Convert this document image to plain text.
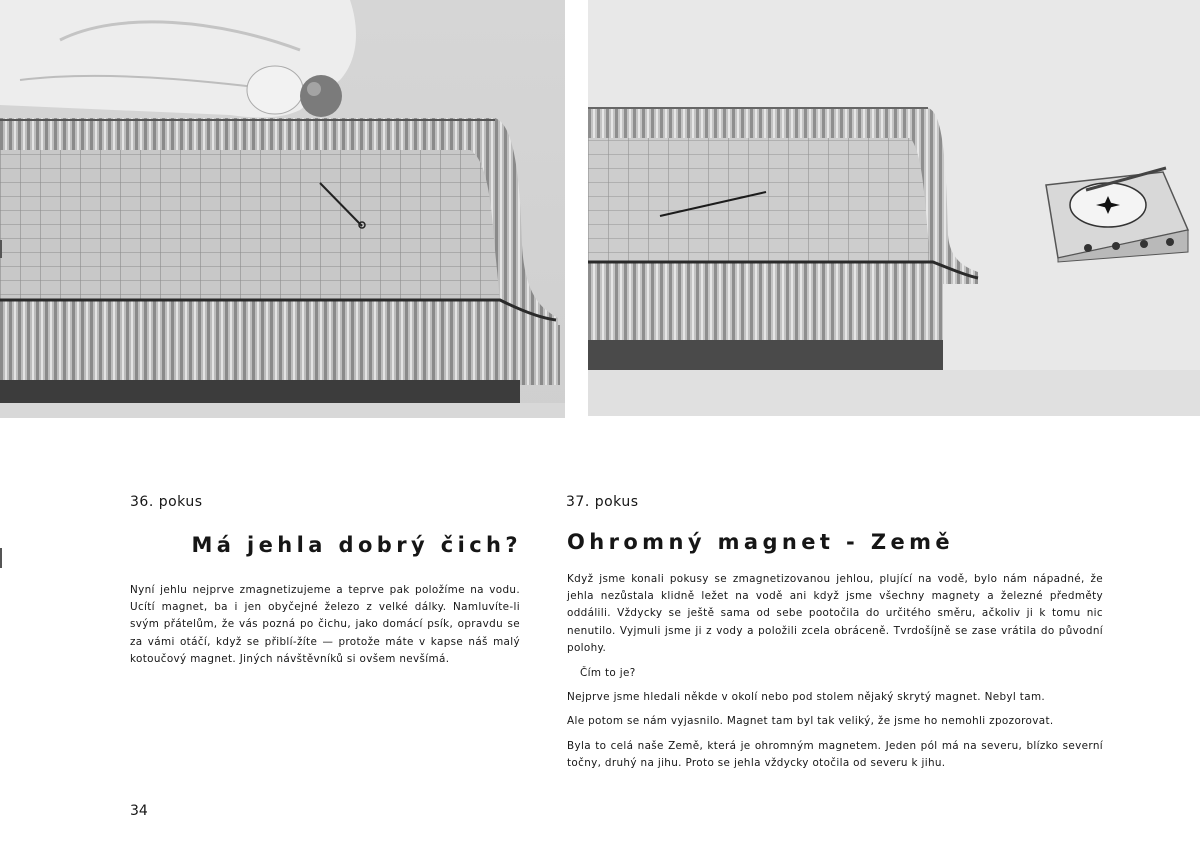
36. pokus
Má jehla dobrý čich?

Nyní jehlu nejprve zmagnetizujeme a teprve pak položíme na vodu. Ucítí magnet, ba i jen obyčejné železo z velké dálky. Namluvíte-li svým přátelům, že vás pozná po čichu, jako domácí psík, opravdu se za vámi otáčí, když se přiblí-žíte — protože máte v kapse náš malý kotoučový magnet. Jiných návštěvníků si ovšem nevšímá.

34
37. pokus
Ohromný magnet - Země

Když jsme konali pokusy se zmagnetizovanou jehlou, plující na vodě, bylo nám nápadné, že jehla nezůstala klidně ležet na vodě ani když jsme všechny magnety a železné předměty oddálili. Vždycky se ještě sama od sebe pootočila do určitého směru, ačkoliv ji k tomu nic nenutilo. Vyjmuli jsme ji z vody a položili zcela obráceně. Tvrdošíjně se zase vrátila do původní polohy.

Čím to je?

Nejprve jsme hledali někde v okolí nebo pod stolem nějaký skrytý magnet. Nebyl tam.

Ale potom se nám vyjasnilo. Magnet tam byl tak veliký, že jsme ho nemohli zpozorovat.

Byla to celá naše Země, která je ohromným magnetem. Jeden pól má na severu, blízko severní točny, druhý na jihu. Proto se jehla vždycky otočila od severu k jihu.
